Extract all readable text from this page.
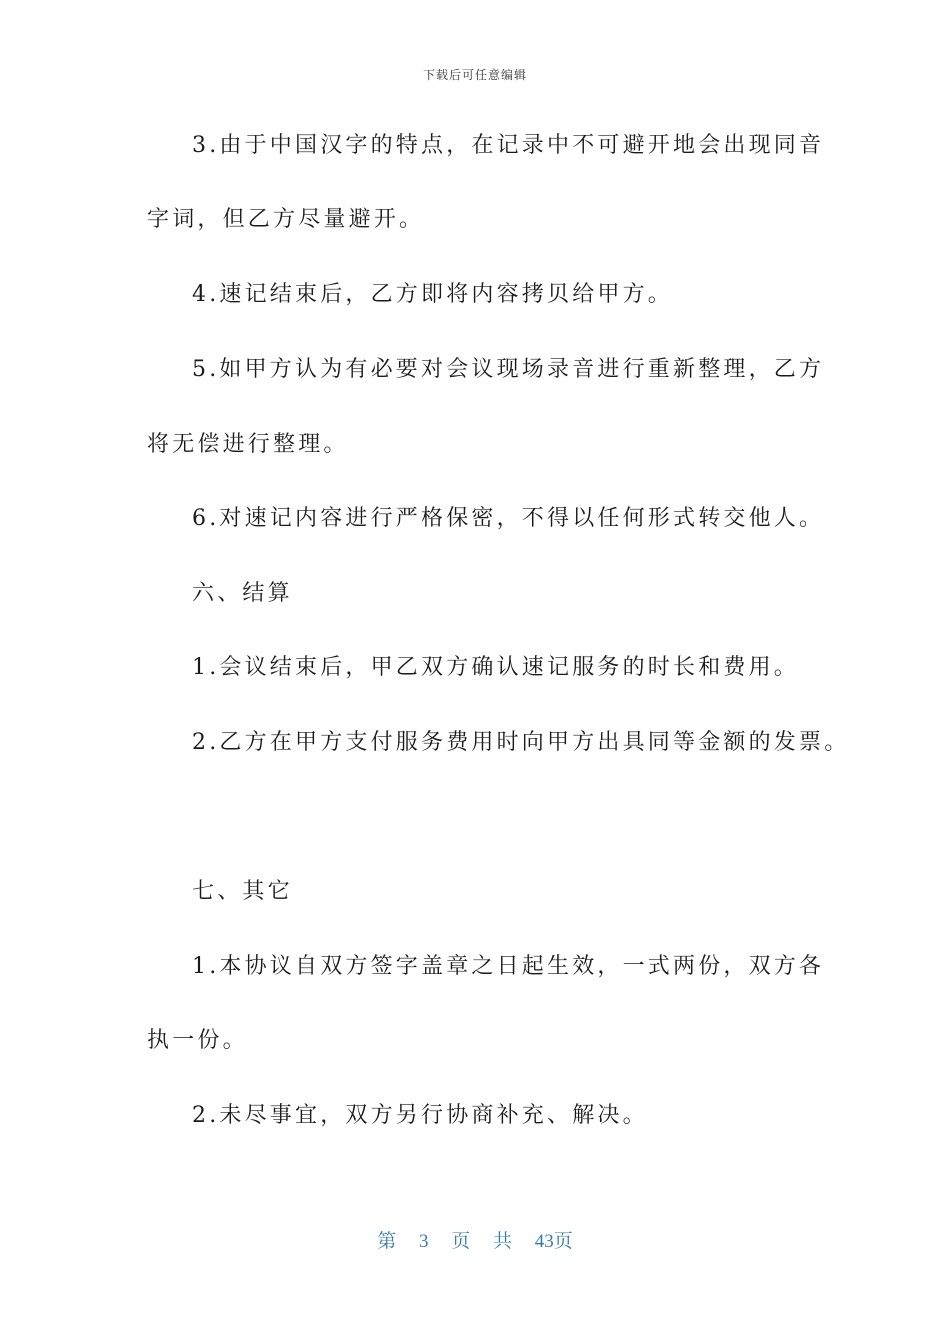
下载后可任意编辑
3.由于中国汉字的特点，在记录中不可避开地会出现同音
字词，但乙方尽量避开。
4.速记结束后，乙方即将内容拷贝给甲方。
5.如甲方认为有必要对会议现场录音进行重新整理，乙方
将无偿进行整理。
6.对速记内容进行严格保密，不得以任何形式转交他人。
六、结算
1.会议结束后，甲乙双方确认速记服务的时长和费用。
2.乙方在甲方支付服务费用时向甲方出具同等金额的发票。
七、其它
1.本协议自双方签字盖章之日起生效，一式两份，双方各
执一份。
2.未尽事宜，双方另行协商补充、解决。
第 3 页 共 43页
